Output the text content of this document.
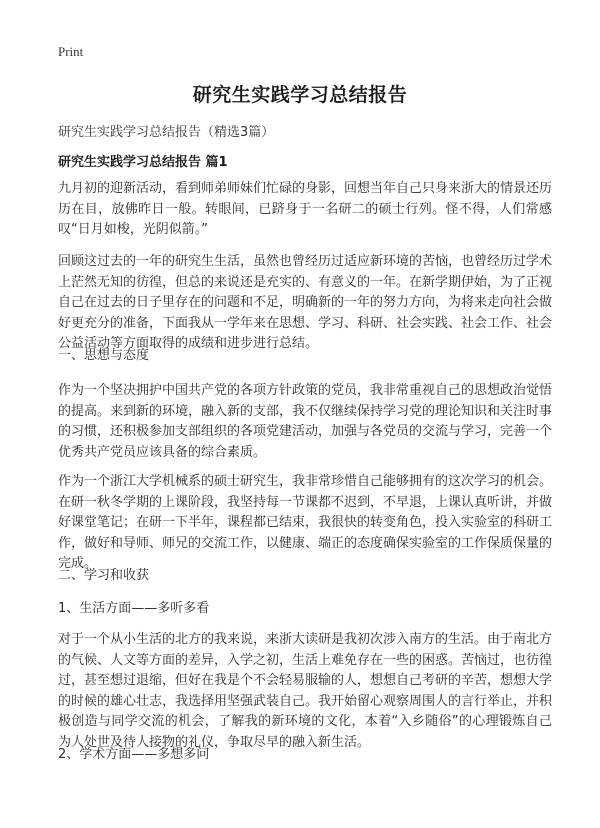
Print
研究生实践学习总结报告
研究生实践学习总结报告（精选3篇）
研究生实践学习总结报告 篇1
九月初的迎新活动，看到师弟师妹们忙碌的身影，回想当年自己只身来浙大的情景还历历在目，放佛昨日一般。转眼间，已跻身于一名研二的硕士行列。怪不得，人们常感叹“日月如梭，光阴似箭。”
回顾这过去的一年的研究生生活，虽然也曾经历过适应新环境的苦恼，也曾经历过学术上茫然无知的彷徨，但总的来说还是充实的、有意义的一年。在新学期伊始，为了正视自己在过去的日子里存在的问题和不足，明确新的一年的努力方向，为将来走向社会做好更充分的准备，下面我从一学年来在思想、学习、科研、社会实践、社会工作、社会公益活动等方面取得的成绩和进步进行总结。
一、思想与态度
作为一个坚决拥护中国共产党的各项方针政策的党员，我非常重视自己的思想政治觉悟的提高。来到新的环境，融入新的支部，我不仅继续保持学习党的理论知识和关注时事的习惯，还积极参加支部组织的各项党建活动，加强与各党员的交流与学习，完善一个优秀共产党员应该具备的综合素质。
作为一个浙江大学机械系的硕士研究生，我非常珍惜自己能够拥有的这次学习的机会。在研一秋冬学期的上课阶段，我坚持每一节课都不迟到，不早退，上课认真听讲，并做好课堂笔记；在研一下半年，课程都已结束，我很快的转变角色，投入实验室的科研工作，做好和导师、师兄的交流工作，以健康、端正的态度确保实验室的工作保质保量的完成。
二、学习和收获
1、生活方面——多听多看
对于一个从小生活的北方的我来说，来浙大读研是我初次涉入南方的生活。由于南北方的气候、人文等方面的差异，入学之初，生活上难免存在一些的困惑。苦恼过，也彷徨过，甚至想过退缩，但好在我是个不会轻易服输的人，想想自己考研的辛苦，想想大学的时候的雄心壮志，我选择用坚强武装自己。我开始留心观察周围人的言行举止，并积极创造与同学交流的机会，了解我的新环境的文化，本着“入乡随俗”的心理锻炼自己为人处世及待人接物的礼仪，争取尽早的融入新生活。
2、学术方面——多想多问
